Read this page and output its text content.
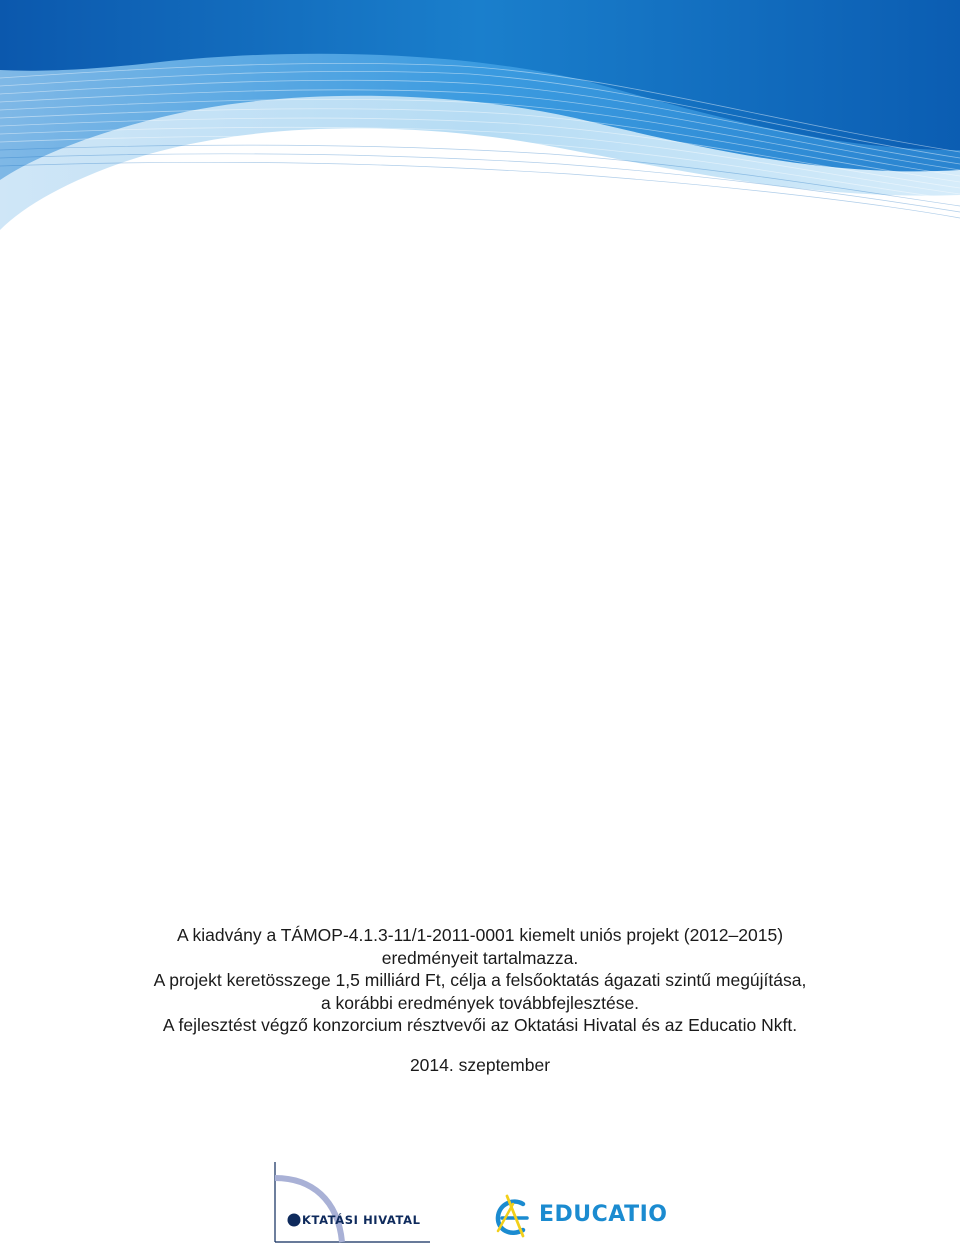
A kiadvány a TÁMOP-4.1.3-11/1-2011-0001 kiemelt uniós projekt (2012–2015)
eredményeit tartalmazza.
A projekt keretösszege 1,5 milliárd Ft, célja a felsőoktatás ágazati szintű megújítása,
a korábbi eredmények továbbfejlesztése.
A fejlesztést végző konzorcium résztvevői az Oktatási Hivatal és az Educatio Nkft.
2014. szeptember
KTATÁSI HIVATAL	EDUCATIO
